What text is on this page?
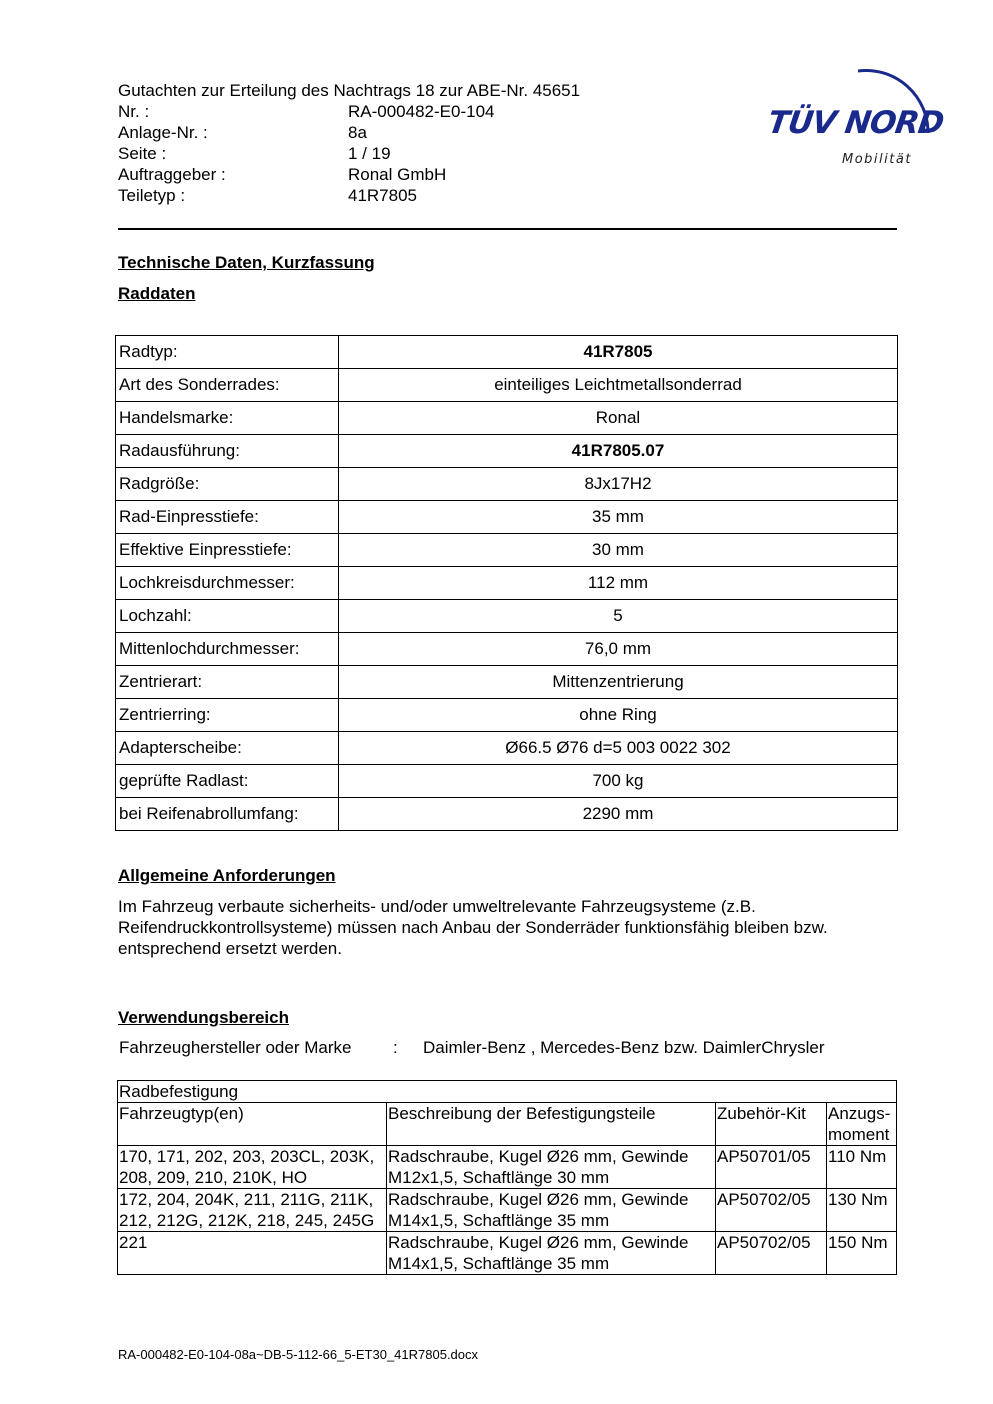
Gutachten zur Erteilung des Nachtrags 18 zur ABE-Nr. 45651
Nr. :	RA-000482-E0-104
Anlage-Nr. :	8a
Seite :	1 / 19
Auftraggeber :	Ronal GmbH
Teiletyp :	41R7805
TÜV NORD
Mobilität
Technische Daten, Kurzfassung
Raddaten
Radtyp:	41R7805
Art des Sonderrades:	einteiliges Leichtmetallsonderrad
Handelsmarke:	Ronal
Radausführung:	41R7805.07
Radgröße:	8Jx17H2
Rad-Einpresstiefe:	35 mm
Effektive Einpresstiefe:	30 mm
Lochkreisdurchmesser:	112 mm
Lochzahl:	5
Mittenlochdurchmesser:	76,0 mm
Zentrierart:	Mittenzentrierung
Zentrierring:	ohne Ring
Adapterscheibe:	Ø66.5 Ø76 d=5 003 0022 302
geprüfte Radlast:	700 kg
bei Reifenabrollumfang:	2290 mm
Allgemeine Anforderungen
Im Fahrzeug verbaute sicherheits- und/oder umweltrelevante Fahrzeugsysteme (z.B. Reifendruckkontrollsysteme) müssen nach Anbau der Sonderräder funktionsfähig bleiben bzw. entsprechend ersetzt werden.
Verwendungsbereich
Fahrzeughersteller oder Marke : Daimler-Benz , Mercedes-Benz bzw. DaimlerChrysler
Radbefestigung			
Fahrzeugtyp(en)	Beschreibung der Befestigungsteile	Zubehör-Kit	Anzugs-moment
170, 171, 202, 203, 203CL, 203K, 208, 209, 210, 210K, HO	Radschraube, Kugel Ø26 mm, Gewinde M12x1,5, Schaftlänge 30 mm	AP50701/05	110 Nm
172, 204, 204K, 211, 211G, 211K, 212, 212G, 212K, 218, 245, 245G	Radschraube, Kugel Ø26 mm, Gewinde M14x1,5, Schaftlänge 35 mm	AP50702/05	130 Nm
221	Radschraube, Kugel Ø26 mm, Gewinde M14x1,5, Schaftlänge 35 mm	AP50702/05	150 Nm
RA-000482-E0-104-08a~DB-5-112-66_5-ET30_41R7805.docx
